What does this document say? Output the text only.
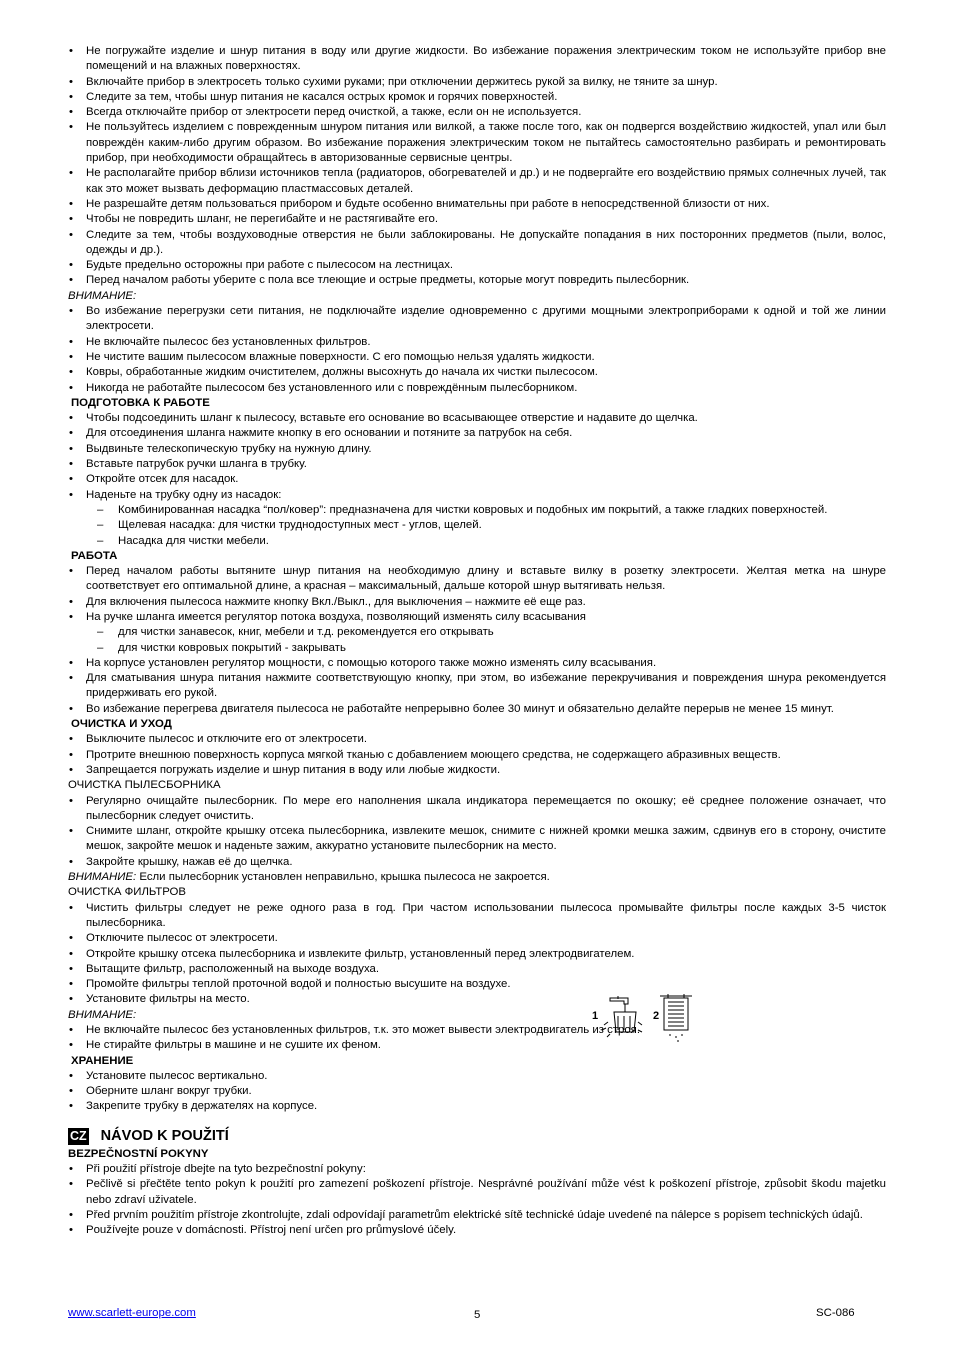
• Не погружайте изделие и шнур питания в воду или другие жидкости. Во избежание поражения электрическим током не используйте прибор вне помещений и на влажных поверхностях.
• Включайте прибор в электросеть только сухими руками; при отключении держитесь рукой за вилку, не тяните за шнур.
• Следите за тем, чтобы шнур питания не касался острых кромок и горячих поверхностей.
• Всегда отключайте прибор от электросети перед очисткой, а также, если он не используется.
• Не пользуйтесь изделием с поврежденным шнуром питания или вилкой, а также после того, как он подвергся воздействию жидкостей, упал или был повреждён каким-либо другим образом. Во избежание поражения электрическим током не пытайтесь самостоятельно разбирать и ремонтировать прибор, при необходимости обращайтесь в авторизованные сервисные центры.
• Не располагайте прибор вблизи источников тепла (радиаторов, обогревателей и др.) и не подвергайте его воздействию прямых солнечных лучей, так как это может вызвать деформацию пластмассовых деталей.
• Не разрешайте детям пользоваться прибором и будьте особенно внимательны при работе в непосредственной близости от них.
• Чтобы не повредить шланг, не перегибайте и не растягивайте его.
• Следите за тем, чтобы воздуховодные отверстия не были заблокированы. Не допускайте попадания в них посторонних предметов (пыли, волос, одежды и др.).
• Будьте предельно осторожны при работе с пылесосом на лестницах.
• Перед началом работы уберите с пола все тлеющие и острые предметы, которые могут повредить пылесборник.
ВНИМАНИЕ:
• Во избежание перегрузки сети питания, не подключайте изделие одновременно с другими мощными электроприборами к одной и той же линии электросети.
• Не включайте пылесос без установленных фильтров.
• Не чистите вашим пылесосом влажные поверхности. С его помощью нельзя удалять жидкости.
• Ковры, обработанные жидким очистителем, должны высохнуть до начала их чистки пылесосом.
• Никогда не работайте пылесосом без установленного или с повреждённым пылесборником.
ПОДГОТОВКА К РАБОТЕ
• Чтобы подсоединить шланг к пылесосу, вставьте его основание во всасывающее отверстие и надавите до щелчка.
• Для отсоединения шланга нажмите кнопку в его основании и потяните за патрубок на себя.
• Выдвиньте телескопическую трубку на нужную длину.
• Вставьте патрубок ручки шланга в трубку.
• Откройте отсек для насадок.
• Наденьте на трубку одну из насадок:
– Комбинированная насадка “пол/ковер”: предназначена для чистки ковровых и подобных им покрытий, а также гладких поверхностей.
– Щелевая насадка: для чистки труднодоступных мест - углов, щелей.
– Насадка для чистки мебели.
РАБОТА
• Перед началом работы вытяните шнур питания на необходимую длину и вставьте вилку в розетку электросети. Желтая метка на шнуре соответствует его оптимальной длине, а красная – максимальный, дальше которой шнур вытягивать нельзя.
• Для включения пылесоса нажмите кнопку Вкл./Выкл., для выключения – нажмите её еще раз.
• На ручке шланга имеется регулятор потока воздуха, позволяющий изменять силу всасывания
– для чистки занавесок, книг, мебели и т.д. рекомендуется его открывать
– для чистки ковровых покрытий - закрывать
• На корпусе установлен регулятор мощности, с помощью которого также можно изменять силу всасывания.
• Для сматывания шнура питания нажмите соответствующую кнопку, при этом, во избежание перекручивания и повреждения шнура рекомендуется придерживать его рукой.
• Во избежание перегрева двигателя пылесоса не работайте непрерывно более 30 минут и обязательно делайте перерыв не менее 15 минут.
ОЧИСТКА И УХОД
• Выключите пылесос и отключите его от электросети.
• Протрите внешнюю поверхность корпуса мягкой тканью с добавлением моющего средства, не содержащего абразивных веществ.
• Запрещается погружать изделие и шнур питания в воду или любые жидкости.
ОЧИСТКА ПЫЛЕСБОРНИКА
• Регулярно очищайте пылесборник. По мере его наполнения шкала индикатора перемещается по окошку; её среднее положение означает, что пылесборник следует очистить.
• Снимите шланг, откройте крышку отсека пылесборника, извлеките мешок, снимите с нижней кромки мешка зажим, сдвинув его в сторону, очистите мешок, закройте мешок и наденьте зажим, аккуратно установите пылесборник на место.
• Закройте крышку, нажав её до щелчка.
ВНИМАНИЕ: Если пылесборник установлен неправильно, крышка пылесоса не закроется.
ОЧИСТКА ФИЛЬТРОВ
• Чистить фильтры следует не реже одного раза в год. При частом использовании пылесоса промывайте фильтры после каждых 3-5 чисток пылесборника.
• Отключите пылесос от электросети.
• Откройте крышку отсека пылесборника и извлеките фильтр, установленный перед электродвигателем.
• Вытащите фильтр, расположенный на выходе воздуха.
• Промойте фильтры теплой проточной водой и полностью высушите на воздухе.
• Установите фильтры на место.
ВНИМАНИЕ:
• Не включайте пылесос без установленных фильтров, т.к. это может вывести электродвигатель из строя.
• Не стирайте фильтры в машине и не сушите их феном.
ХРАНЕНИЕ
• Установите пылесос вертикально.
• Оберните шланг вокруг трубки.
• Закрепите трубку в держателях на корпусе.
CZ NÁVOD K POUŽITÍ
BEZPEČNOSTNÍ POKYNY
• Při použití přístroje dbejte na tyto bezpečnostní pokyny:
• Pečlivě si přečtěte tento pokyn k použití pro zamezení poškození přístroje. Nesprávné používání může vést k poškození přístroje, způsobit škodu majetku nebo zdraví uživatele.
• Před prvním použitím přístroje zkontrolujte, zdali odpovídají parametrům elektrické sítě technické údaje uvedené na nálepce s popisem technických údajů.
• Používejte pouze v domácnosti. Přístroj není určen pro průmyslové účely.
1	2
www.scarlett-europe.com	5	SC-086
